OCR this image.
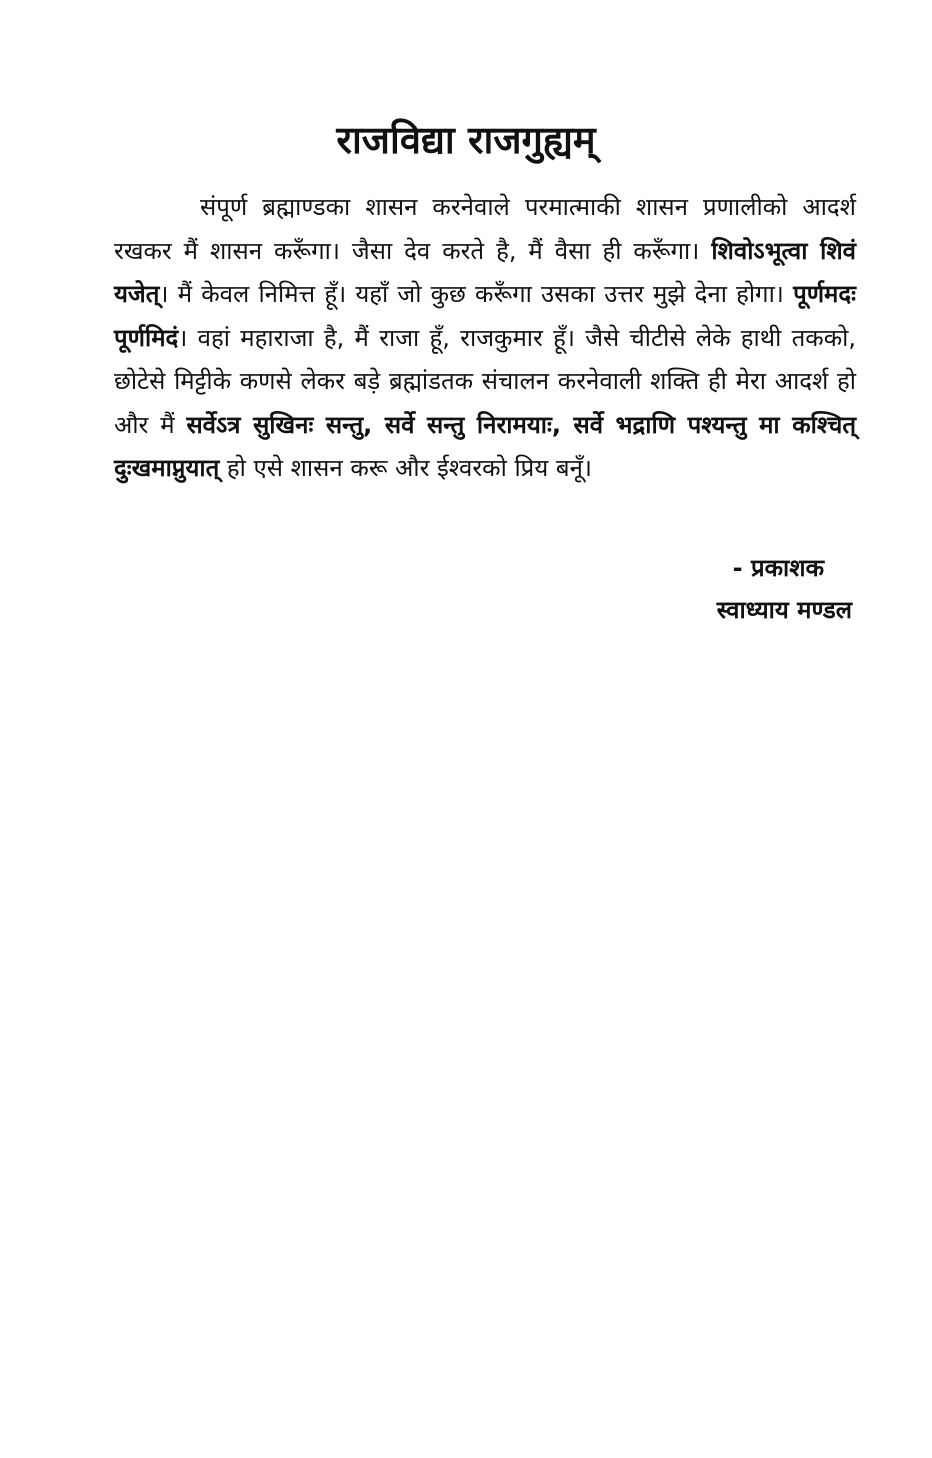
राजविद्या राजगुह्यम्

संपूर्ण ब्रह्माण्डका शासन करनेवाले परमात्माकी शासन प्रणालीको आदर्श रखकर मैं शासन करूँगा। जैसा देव करते है, मैं वैसा ही करूँगा। शिवोऽभूत्वा शिवं यजेत्। मैं केवल निमित्त हूँ। यहाँ जो कुछ करूँगा उसका उत्तर मुझे देना होगा। पूर्णमदः पूर्णमिदं। वहां महाराजा है, मैं राजा हूँ, राजकुमार हूँ। जैसे चीटीसे लेके हाथी तकको, छोटेसे मिट्टीके कणसे लेकर बड़े ब्रह्मांडतक संचालन करनेवाली शक्ति ही मेरा आदर्श हो और मैं सर्वेऽत्र सुखिनः सन्तु, सर्वे सन्तु निरामयाः, सर्वे भद्राणि पश्यन्तु मा कश्चित् दुःखमाप्नुयात् हो एसे शासन करू और ईश्वरको प्रिय बनूँ।

- प्रकाशक

स्वाध्याय मण्डल
